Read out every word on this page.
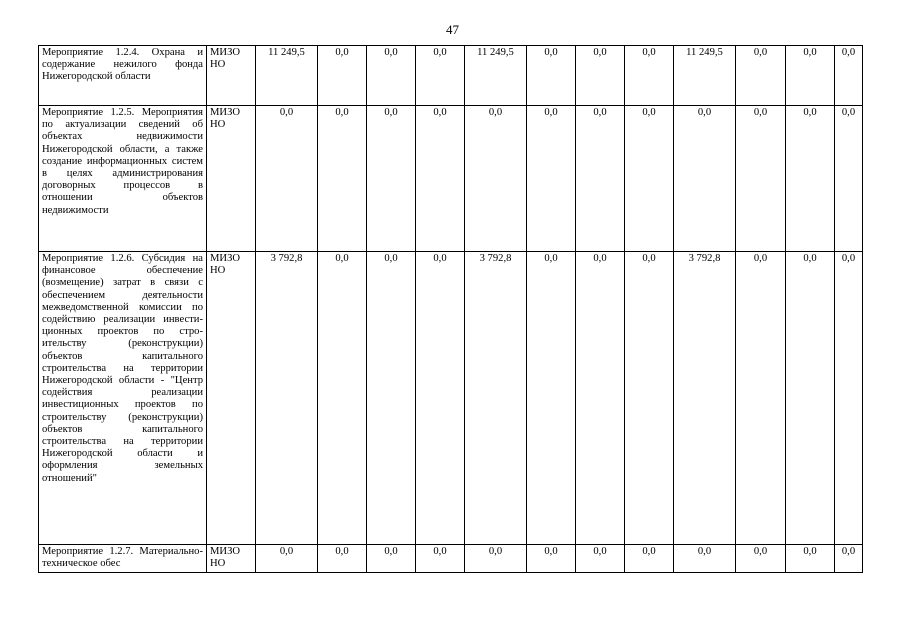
47
Мероприятие 1.2.4. Охрана и содержание нежилого фонда Нижегородской области	МИЗО НО	11 249,5	0,0	0,0	0,0	11 249,5	0,0	0,0	0,0	11 249,5	0,0	0,0	0,0
Мероприятие 1.2.5. Мероприятия по актуализации сведений об объектах недвижимости Нижегородской области, а также создание информационных систем в целях администрирования договорных процессов в отношении объектов недвижимости	МИЗО НО	0,0	0,0	0,0	0,0	0,0	0,0	0,0	0,0	0,0	0,0	0,0	0,0
Мероприятие 1.2.6. Субсидия на финансовое обеспечение (возмещение) затрат в связи с обеспечением деятельности межведомственной комиссии по содействию реализации инвестиционных проектов по строительству (реконструкции) объектов капитального строительства на территории Нижегородской области - "Центр содействия реализации инвестиционных проектов по строительству (реконструкции) объектов капитального строительства на территории Нижегородской области и оформления земельных отношений"	МИЗО НО	3 792,8	0,0	0,0	0,0	3 792,8	0,0	0,0	0,0	3 792,8	0,0	0,0	0,0
Мероприятие 1.2.7. Материально-техническое обес	МИЗО НО	0,0	0,0	0,0	0,0	0,0	0,0	0,0	0,0	0,0	0,0	0,0	0,0
